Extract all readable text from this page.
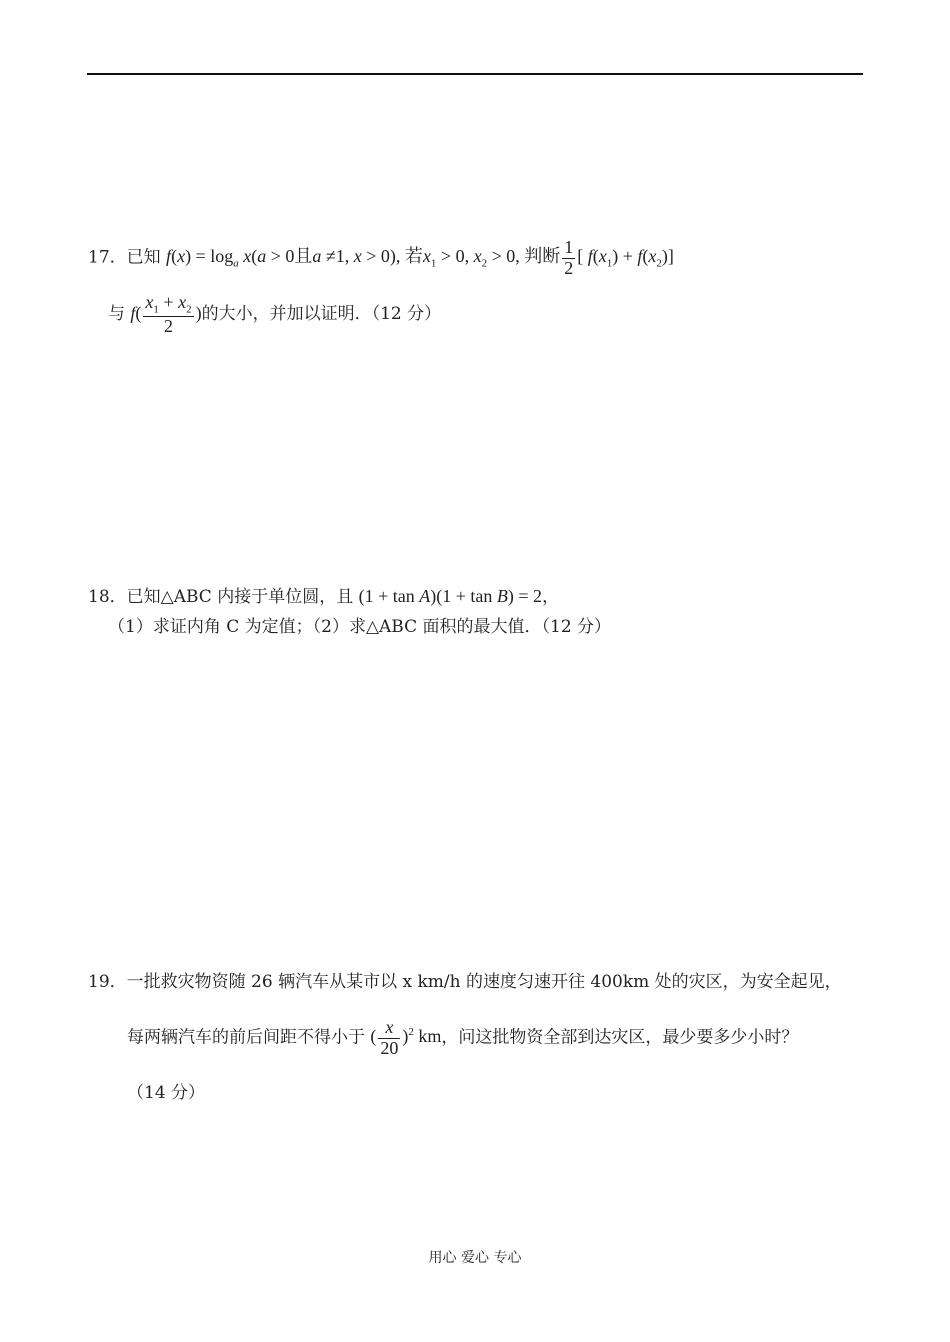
17．已知 $f(x) = \log_a x(a > 0$且a ≠1, x > 0), 若$x_1 > 0$, $x_2 > 0$, 判断 $\frac{1}{2}$ [ $f(x_1) + f(x_2)$]
与 $f( \frac{x_1 + x_2}{2}$ )的大小，并加以证明．（12 分）
18．已知△ABC 内接于单位圆，且 (1 + tan A)(1 + tan B) = 2，
（1）求证内角 C 为定值；（2）求△ABC 面积的最大值．（12 分）
19．一批救灾物资随 26 辆汽车从某市以 x km/h 的速度匀速开往 400km 处的灾区，为安全起见，
每两辆汽车的前后间距不得小于 ( $\frac{x}{20} )^2$ km，问这批物资全部到达灾区，最少要多少小时？
（14 分）
用心 爱心 专心
